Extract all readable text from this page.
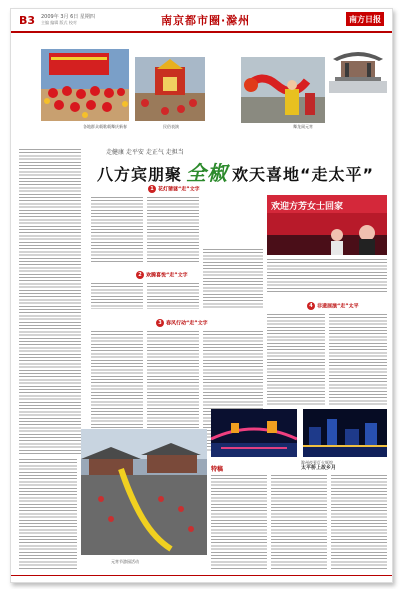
B3 2009年 3月 6日 星期四
主编 编辑 版式 校对	南京都市圈·滁州	南方日报
各地群众载歌载舞庆新春	民俗表演	舞龙闹元宵
走健康 走平安 走正气 走担当
八方宾朋聚 全椒 欢天喜地“走太平”
1 花灯猜谜“走”文字
2 欢腾喜悦“走”文字
3 春风行动“走”文字
欢迎方芳女士回家
4 非遗展演“走”太平
滁州夜景灯火辉煌
元宵节游园活动
特稿	太平桥上故乡月
